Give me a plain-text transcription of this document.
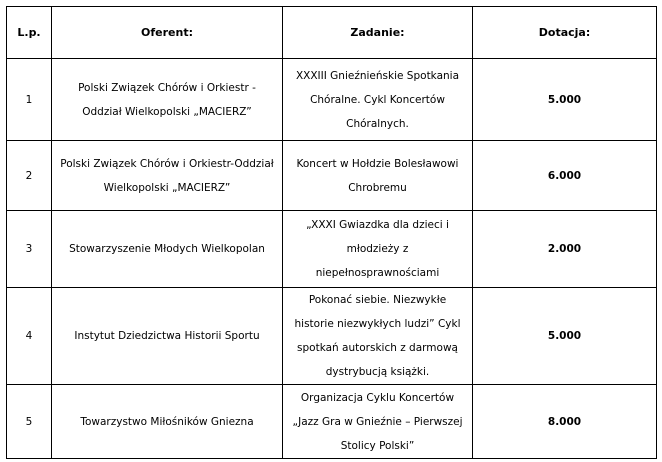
L.p.	Oferent:	Zadanie:	Dotacja:
1	Polski Związek Chórów i Orkiestr - Oddział Wielkopolski „MACIERZ”	XXXIII Gnieźnieńskie Spotkania Chóralne. Cykl Koncertów Chóralnych.	5.000
2	Polski Związek Chórów i Orkiestr-Oddział Wielkopolski „MACIERZ”	Koncert w Hołdzie Bolesławowi Chrobremu	6.000
3	Stowarzyszenie Młodych Wielkopolan	„XXXI Gwiazdka dla dzieci i młodzieży z niepełnosprawnościami	2.000
4	Instytut Dziedzictwa Historii Sportu	Pokonać siebie. Niezwykłe historie niezwykłych ludzi” Cykl spotkań autorskich z darmową dystrybucją książki.	5.000
5	Towarzystwo Miłośników Gniezna	Organizacja Cyklu Koncertów „Jazz Gra w Gnieźnie – Pierwszej Stolicy Polski”	8.000
